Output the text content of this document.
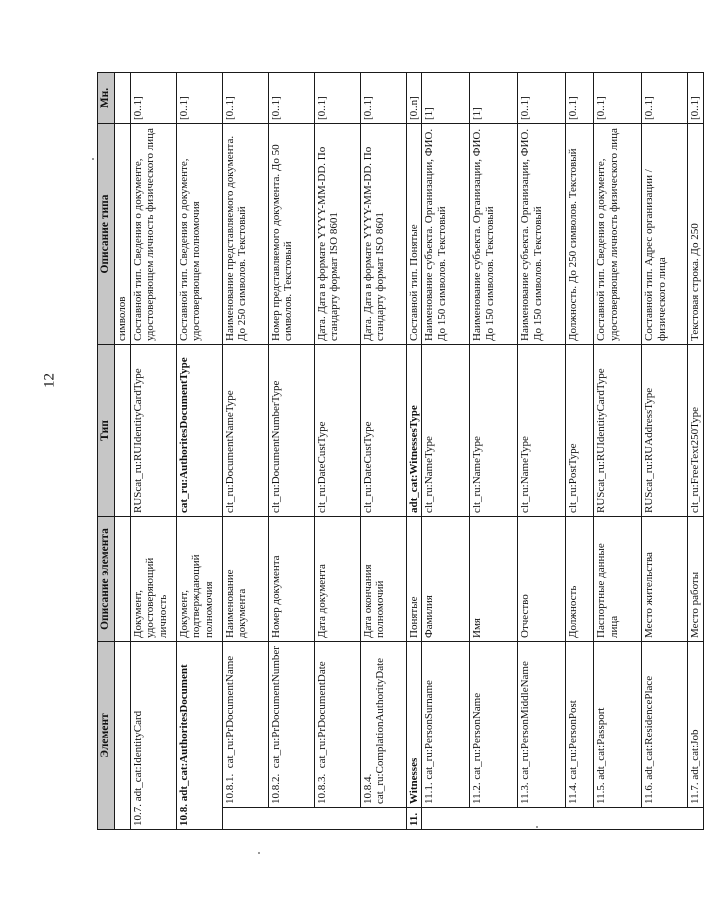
12
Элемент		Описание элемента	Тип	Описание типа	Мн.
				символов	
10.7. adt_cat:IdentityCard		Документ, удостоверяющий личность	RUScat_ru:RUIdentityCardType	Составной тип. Сведения о документе, удостоверяющем личность физического лица	[0..1]
10.8. adt_cat:AuthoritesDocument		Документ, подтверждающий полномочия	cat_ru:AuthoritesDocumentType	Составной тип. Сведения о документе, удостоверяющем полномочия	[0..1]
	10.8.1.  cat_ru:PrDocumentName	Наименование документа	clt_ru:DocumentNameType	Наименование представляемого документа. До 250 символов. Текстовый	[0..1]
	10.8.2.  cat_ru:PrDocumentNumber	Номер документа	clt_ru:DocumentNumberType	Номер представляемого документа. До 50 символов. Текстовый	[0..1]
	10.8.3.  cat_ru:PrDocumentDate	Дата документа	clt_ru:DateCustType	Дата. Дата в формате YYYY-MM-DD. По стандарту формат ISO 8601	[0..1]
	10.8.4.  cat_ru:ComplationAuthorityDate	Дата окончания полномочий	clt_ru:DateCustType	Дата. Дата в формате YYYY-MM-DD. По стандарту формат ISO 8601	[0..1]
11.	Witnesses	Понятые	adt_cat:WitnessesType	Составной тип. Понятые	[0..n]
	11.1. cat_ru:PersonSurname	Фамилия	clt_ru:NameType	Наименование субъекта. Организации, ФИО. До 150 символов. Текстовый	[1]
	11.2. cat_ru:PersonName	Имя	clt_ru:NameType	Наименование субъекта. Организации, ФИО. До 150 символов. Текстовый	[1]
	11.3. cat_ru:PersonMiddleName	Отчество	clt_ru:NameType	Наименование субъекта. Организации, ФИО. До 150 символов. Текстовый	[0..1]
	11.4. cat_ru:PersonPost	Должность	clt_ru:PostType	Должность. До 250 символов. Текстовый	[0..1]
	11.5. adt_cat:Passport	Паспортные данные лица	RUScat_ru:RUIdentityCardType	Составной тип. Сведения о документе, удостоверяющем личность физического лица	[0..1]
	11.6. adt_cat:ResidencePlace	Место жительства	RUScat_ru:RUAddressType	Составной тип. Адрес организации / физического лица	[0..1]
	11.7. adt_cat:Job	Место работы	clt_ru:FreeText250Type	Текстовая строка. До 250	[0..1]
